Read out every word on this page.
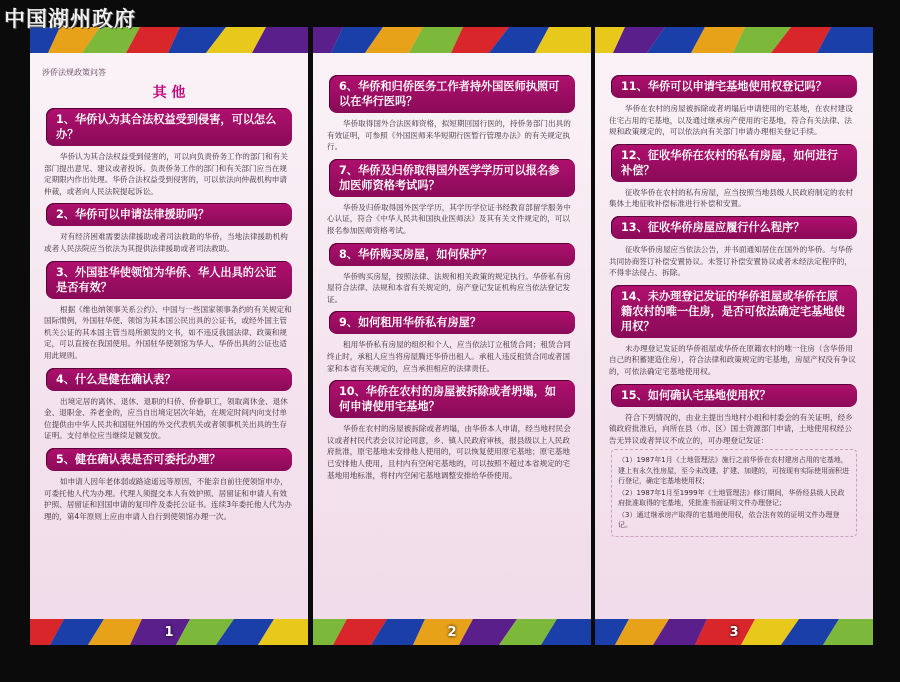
中国湖州政府
涉侨法规政策问答
其 他
1、华侨认为其合法权益受到侵害，可以怎么办？
华侨认为其合法权益受到侵害的，可以向负责侨务工作的部门和有关部门提出意见、建议或者投诉。负责侨务工作的部门和有关部门应当在规定期限内作出处理。华侨合法权益受到侵害的，可以依法向仲裁机构申请仲裁，或者向人民法院提起诉讼。
2、华侨可以申请法律援助吗？
对有经济困难需要法律援助或者司法救助的华侨，当地法律援助机构或者人民法院应当依法为其提供法律援助或者司法救助。
3、外国驻华使领馆为华侨、华人出具的公证是否有效？
根据《维也纳领事关系公约》、中国与一些国家领事条约的有关规定和国际惯例，外国驻华使、领馆为其本国公民出具的公证书，或经外国主管机关公证的其本国主管当局所颁发的文书，如不违反我国法律、政策和规定，可以直接在我国使用。外国驻华使领馆为华人、华侨出具的公证也适用此规则。
4、什么是健在确认表？
出境定居的离休、退休、退职的归侨、侨眷职工，领取离休金、退休金、退职金、养老金的，应当自出境定居次年始，在规定时间内向支付单位提供由中华人民共和国驻外国的外交代表机关或者领事机关出具的生存证明。支付单位应当继续足额发放。
5、健在确认表是否可委托办理？
如申请人因年老体弱或路途遥远等原因，不能亲自前往使领馆申办，可委托他人代为办理。代理人须提交本人有效护照、居留证和申请人有效护照、居留证和回国申请的复印件及委托公证书。连续3年委托他人代为办理的，第4年原则上应由申请人自行到使领馆办理一次。
1
6、华侨和归侨医务工作者持外国医师执照可以在华行医吗？
华侨取得国外合法医师资格，拟短期回国行医的，持侨务部门出具的有效证明，可参照《外国医师来华短期行医暂行管理办法》的有关规定执行。
7、华侨及归侨取得国外医学学历可以报名参加医师资格考试吗？
华侨及归侨取得国外医学学历，其学历学位证书经教育部留学服务中心认证，符合《中华人民共和国执业医师法》及其有关文件规定的，可以报名参加医师资格考试。
8、华侨购买房屋，如何保护？
华侨购买房屋，按照法律、法规和相关政策的规定执行。华侨私有房屋符合法律、法规和本省有关规定的，房产登记发证机构应当依法登记发证。
9、如何租用华侨私有房屋？
租用华侨私有房屋的组织和个人，应当依法订立租赁合同；租赁合同终止时，承租人应当将房屋腾还华侨出租人。承租人违反租赁合同或者国家和本省有关规定的，应当承担相应的法律责任。
10、华侨在农村的房屋被拆除或者坍塌，如何申请使用宅基地？
华侨在农村的房屋被拆除或者坍塌，由华侨本人申请，经当地村民会议或者村民代表会议讨论同意，乡、镇人民政府审核，报县级以上人民政府批准，原宅基地未安排他人使用的，可以恢复使用原宅基地；原宅基地已安排他人使用，且村内有空闲宅基地的，可以按照不超过本省规定的宅基地用地标准，将村内空闲宅基地调整安排给华侨使用。
2
11、华侨可以申请宅基地使用权登记吗？
华侨在农村的房屋被拆除或者坍塌后申请使用的宅基地，在农村建设住宅占用的宅基地，以及通过继承房产使用的宅基地，符合有关法律、法规和政策规定的，可以依法向有关部门申请办理相关登记手续。
12、征收华侨在农村的私有房屋，如何进行补偿？
征收华侨在农村的私有房屋，应当按照当地县级人民政府制定的农村集体土地征收补偿标准进行补偿和安置。
13、征收华侨房屋应履行什么程序？
征收华侨房屋应当依法公告，并书面通知居住在国外的华侨。与华侨共同协商签订补偿安置协议。未签订补偿安置协议或者未经法定程序的，不得非法侵占、拆除。
14、未办理登记发证的华侨祖屋或华侨在原籍农村的唯一住房，是否可依法确定宅基地使用权？
未办理登记发证的华侨祖屋或华侨在原籍农村的唯一住房（含华侨用自己的积蓄建造住房），符合法律和政策规定的宅基地，房屋产权没有争议的，可依法确定宅基地使用权。
15、如何确认宅基地使用权？
符合下列情况的，由业主提出当地村小组和村委会的有关证明，经乡镇政府批准后，向所在县（市、区）国土资源部门申请，土地使用权经公告无异议或者异议不成立的，可办理登记发证：
（1）1987年1月《土地管理法》施行之前华侨在农村建房占用的宅基地，建上有永久性房屋，至今未改建、扩建、加建的，可按现有实际使用面积进行登记，确定宅基地使用权；
（2）1987年1月至1999年《土地管理法》修订期间，华侨经县级人民政府批准取得的宅基地，凭批准书面证明文件办理登记；
（3）通过继承房产取得的宅基地使用权，依合法有效的证明文件办理登记。
3
